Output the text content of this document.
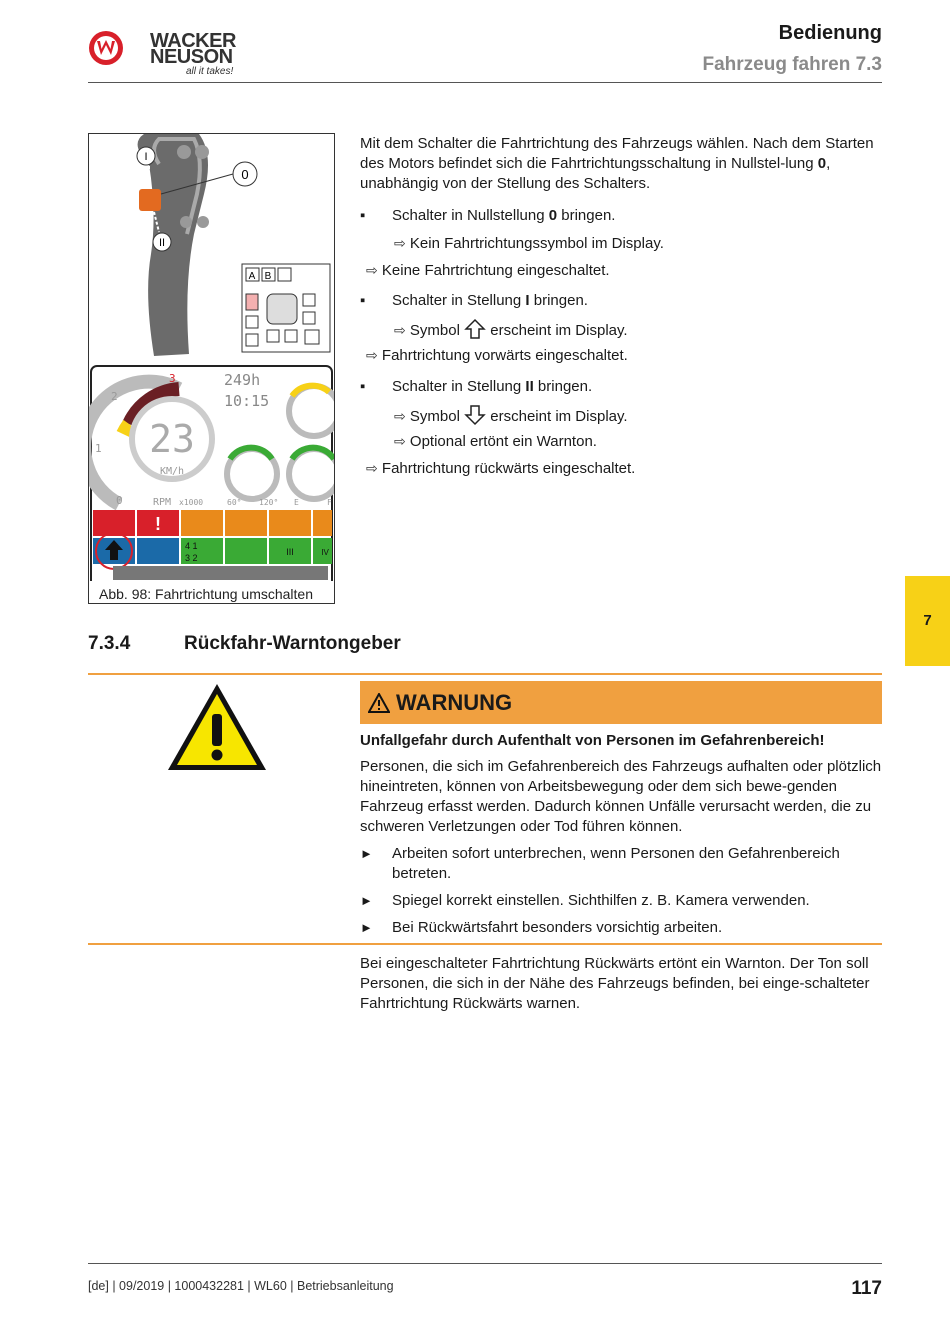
WACKER
NEUSON
all it takes!
Bedienung
Fahrzeug fahren 7.3
I
II
0
A B
3
2
1
0
23
KM/h
RPM x1000
249h
10:15
60° 120° E	F
!
4 1
3 2
III	IV
Abb. 98: Fahrtrichtung umschalten
Mit dem Schalter die Fahrtrichtung des Fahrzeugs wählen. Nach dem Starten des Motors befindet sich die Fahrtrichtungsschaltung in Nullstel-lung 0, unabhängig von der Stellung des Schalters.
▪ Schalter in Nullstellung 0 bringen.
⇨ Kein Fahrtrichtungssymbol im Display.
⇨ Keine Fahrtrichtung eingeschaltet.
▪ Schalter in Stellung I bringen.
⇨ Symbol erscheint im Display.
⇨ Fahrtrichtung vorwärts eingeschaltet.
▪ Schalter in Stellung II bringen.
⇨ Symbol erscheint im Display.
⇨ Optional ertönt ein Warnton.
⇨ Fahrtrichtung rückwärts eingeschaltet.
7
7.3.4	Rückfahr-Warntongeber
WARNUNG
Unfallgefahr durch Aufenthalt von Personen im Gefahrenbereich!
Personen, die sich im Gefahrenbereich des Fahrzeugs aufhalten oder plötzlich hineintreten, können von Arbeitsbewegung oder dem sich bewe-genden Fahrzeug erfasst werden. Dadurch können Unfälle verursacht werden, die zu schweren Verletzungen oder Tod führen können.
► Arbeiten sofort unterbrechen, wenn Personen den Gefahrenbereich betreten.
► Spiegel korrekt einstellen. Sichthilfen z. B. Kamera verwenden.
► Bei Rückwärtsfahrt besonders vorsichtig arbeiten.
Bei eingeschalteter Fahrtrichtung Rückwärts ertönt ein Warnton. Der Ton soll Personen, die sich in der Nähe des Fahrzeugs befinden, bei einge-schalteter Fahrtrichtung Rückwärts warnen.
[de] | 09/2019 | 1000432281 | WL60 | Betriebsanleitung	117
